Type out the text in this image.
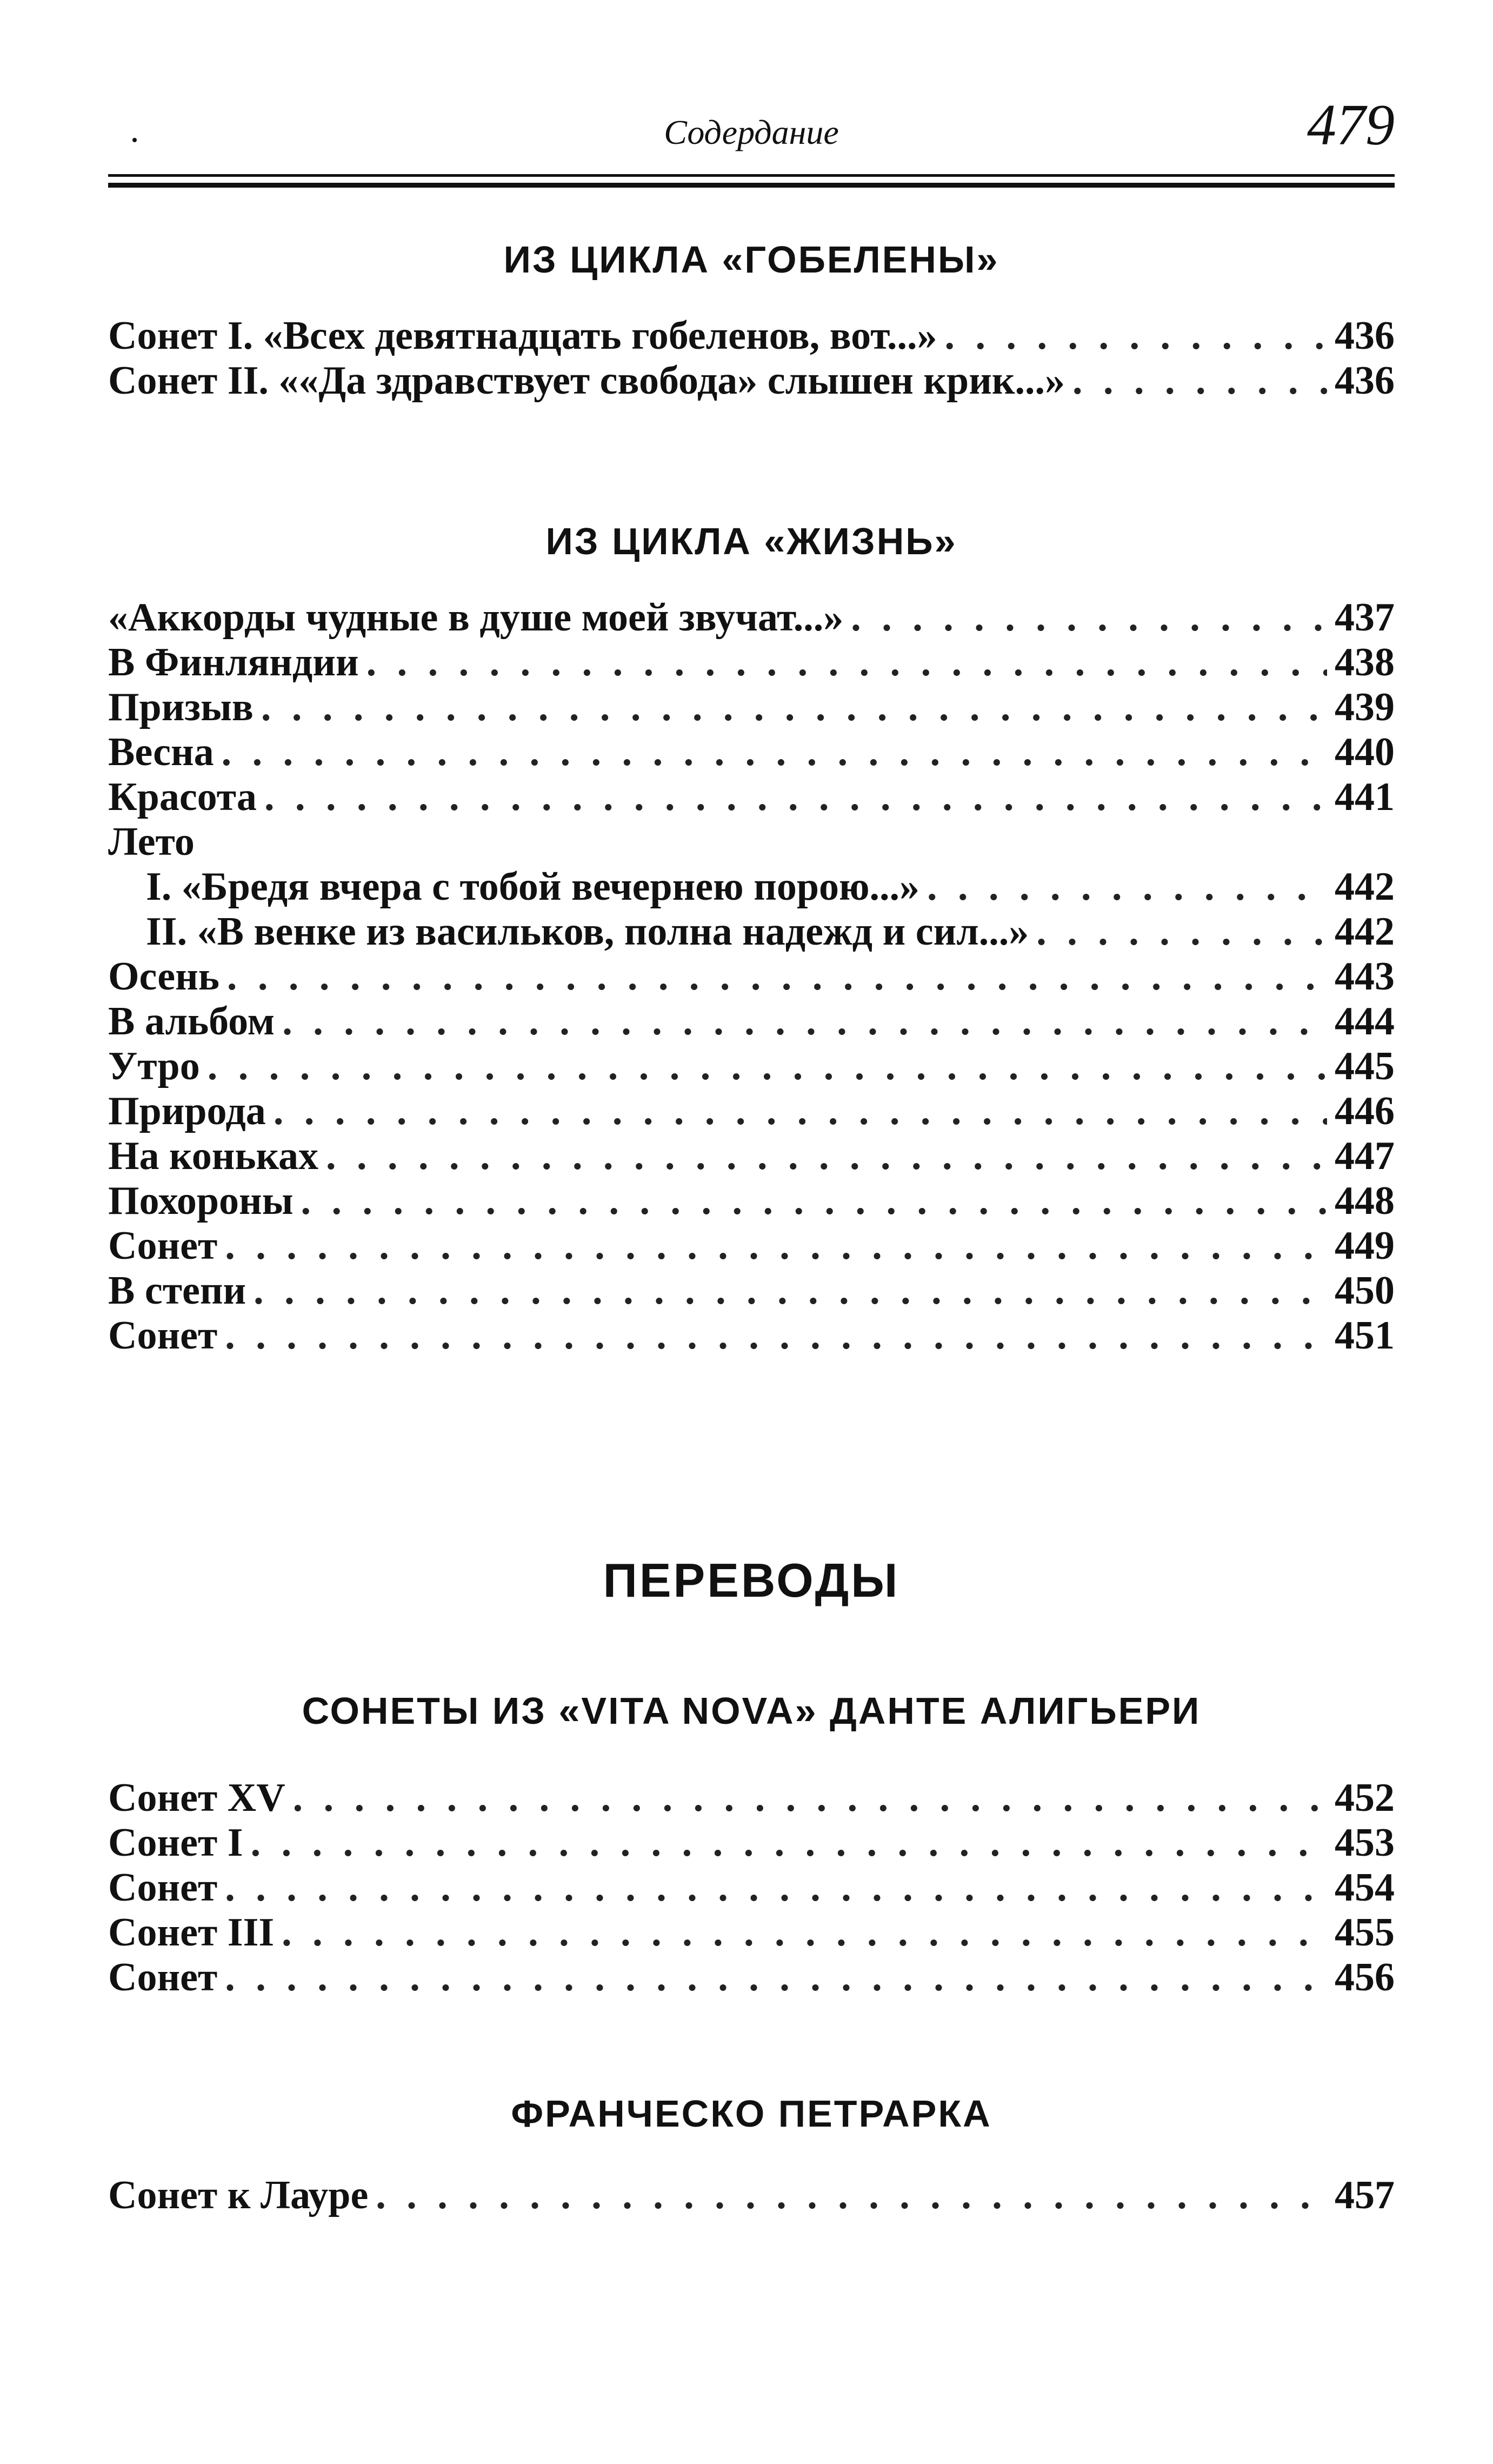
Содердание	479
ИЗ ЦИКЛА «ГОБЕЛЕНЫ»
Сонет I. «Всех девятнадцать гобеленов, вот...» . . .	436
Сонет II. ««Да здравствует свобода» слышен крик...» . . .	436
ИЗ ЦИКЛА «ЖИЗНЬ»
«Аккорды чудные в душе моей звучат...» . . .	437
В Финляндии . . .	438
Призыв . . .	439
Весна . . .	440
Красота . . .	441
Лето
I. «Бредя вчера с тобой вечернею порою...» . . .	442
II. «В венке из васильков, полна надежд и сил...» . . .	442
Осень . . .	443
В альбом . . .	444
Утро . . .	445
Природа . . .	446
На коньках . . .	447
Похороны . . .	448
Сонет . . .	449
В степи . . .	450
Сонет . . .	451
ПЕРЕВОДЫ
СОНЕТЫ ИЗ «VITA NOVA» ДАНТЕ АЛИГЬЕРИ
Сонет XV . . .	452
Сонет I . . .	453
Сонет . . .	454
Сонет III . . .	455
Сонет . . .	456
ФРАНЧЕСКО ПЕТРАРКА
Сонет к Лауре . . .	457
